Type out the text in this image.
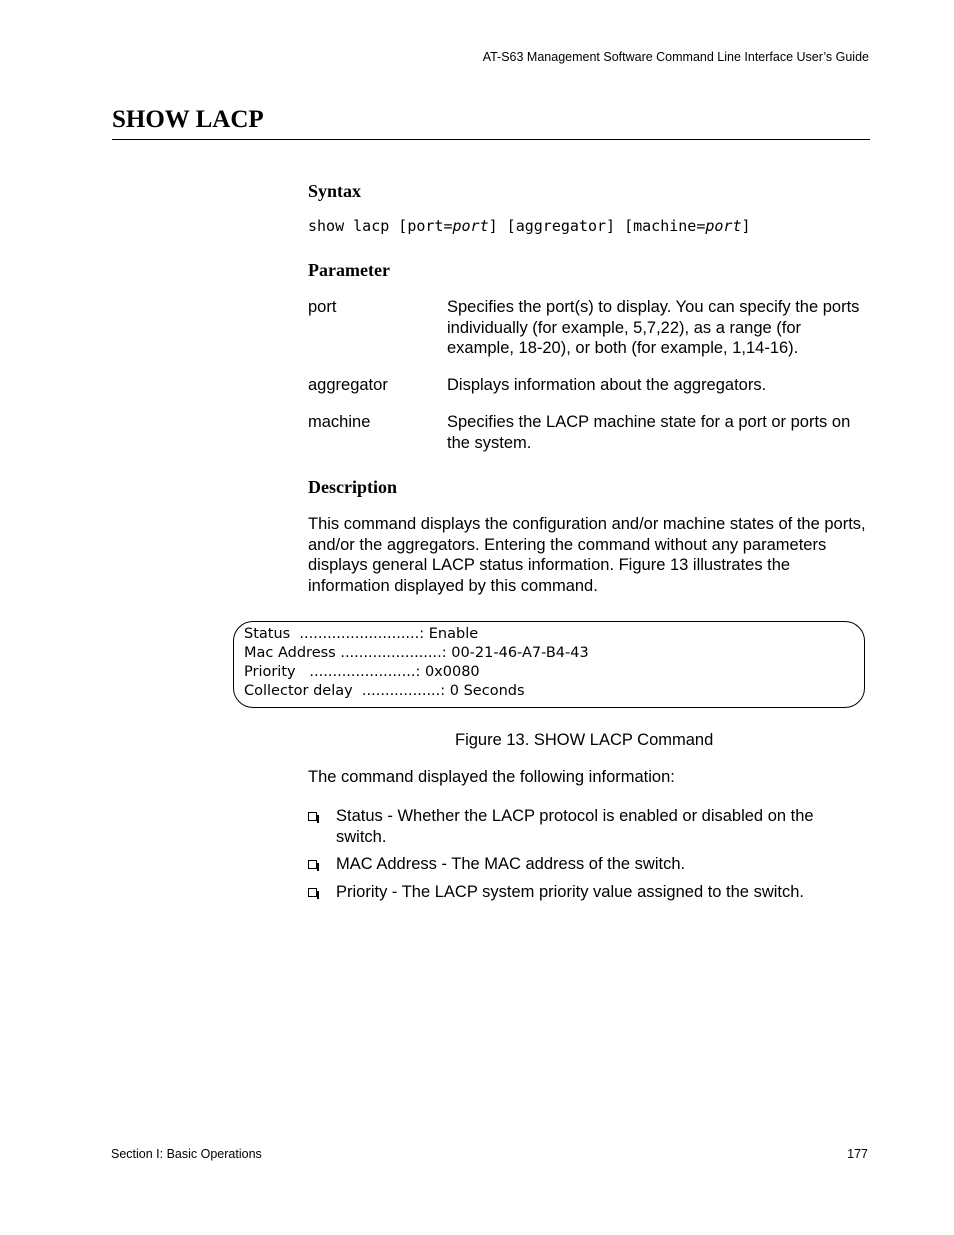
AT-S63 Management Software Command Line Interface User’s Guide
SHOW LACP
Syntax
show lacp [port=port] [aggregator] [machine=port]
Parameter
port	Specifies the port(s) to display. You can specify the ports individually (for example, 5,7,22), as a range (for example, 18-20), or both (for example, 1,14-16).
aggregator	Displays information about the aggregators.
machine	Specifies the LACP machine state for a port or ports on the system.
Description
This command displays the configuration and/or machine states of the ports, and/or the aggregators. Entering the command without any parameters displays general LACP status information. Figure 13 illustrates the information displayed by this command.
Status  ..........................: Enable
Mac Address ......................: 00-21-46-A7-B4-43
Priority   .......................: 0x0080
Collector delay  .................: 0 Seconds
Figure 13. SHOW LACP Command
The command displayed the following information:
Status - Whether the LACP protocol is enabled or disabled on the switch.
MAC Address - The MAC address of the switch.
Priority - The LACP system priority value assigned to the switch.
Section I: Basic Operations	177
